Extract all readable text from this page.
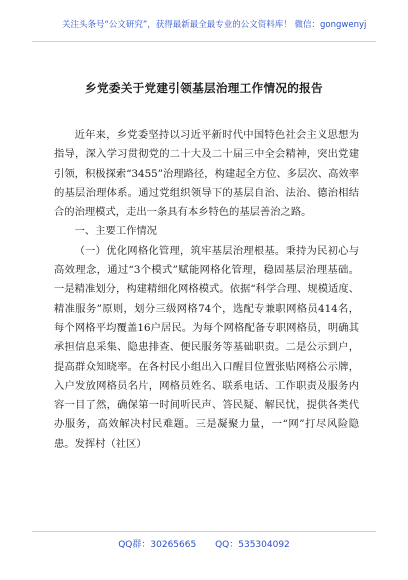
关注头条号“公文研究”，获得最新最全最专业的公文资料库！ 微信：gongwenyj
乡党委关于党建引领基层治理工作情况的报告

近年来，乡党委坚持以习近平新时代中国特色社会主义思想为指导，深入学习贯彻党的二十大及二十届三中全会精神，突出党建引领，积极探索“3455”治理路径，构建起全方位、多层次、高效率的基层治理体系。通过党组织领导下的基层自治、法治、德治相结合的治理模式，走出一条具有本乡特色的基层善治之路。

一、主要工作情况

（一）优化网格化管理，筑牢基层治理根基。秉持为民初心与高效理念，通过“3个模式”赋能网格化管理，稳固基层治理基础。一是精准划分，构建精细化网格模式。依据“科学合理、规模适度、精准服务”原则，划分三级网格74个，选配专兼职网格员414名，每个网格平均覆盖16户居民。为每个网格配备专职网格员，明确其承担信息采集、隐患排查、便民服务等基础职责。二是公示到户，提高群众知晓率。在各村民小组出入口醒目位置张贴网格公示牌，入户发放网格员名片，网格员姓名、联系电话、工作职责及服务内容一目了然，确保第一时间听民声、答民疑、解民忧，提供各类代办服务，高效解决村民难题。三是凝聚力量，一“网”打尽风险隐患。发挥村（社区）

QQ群：30265665 QQ：535304092
